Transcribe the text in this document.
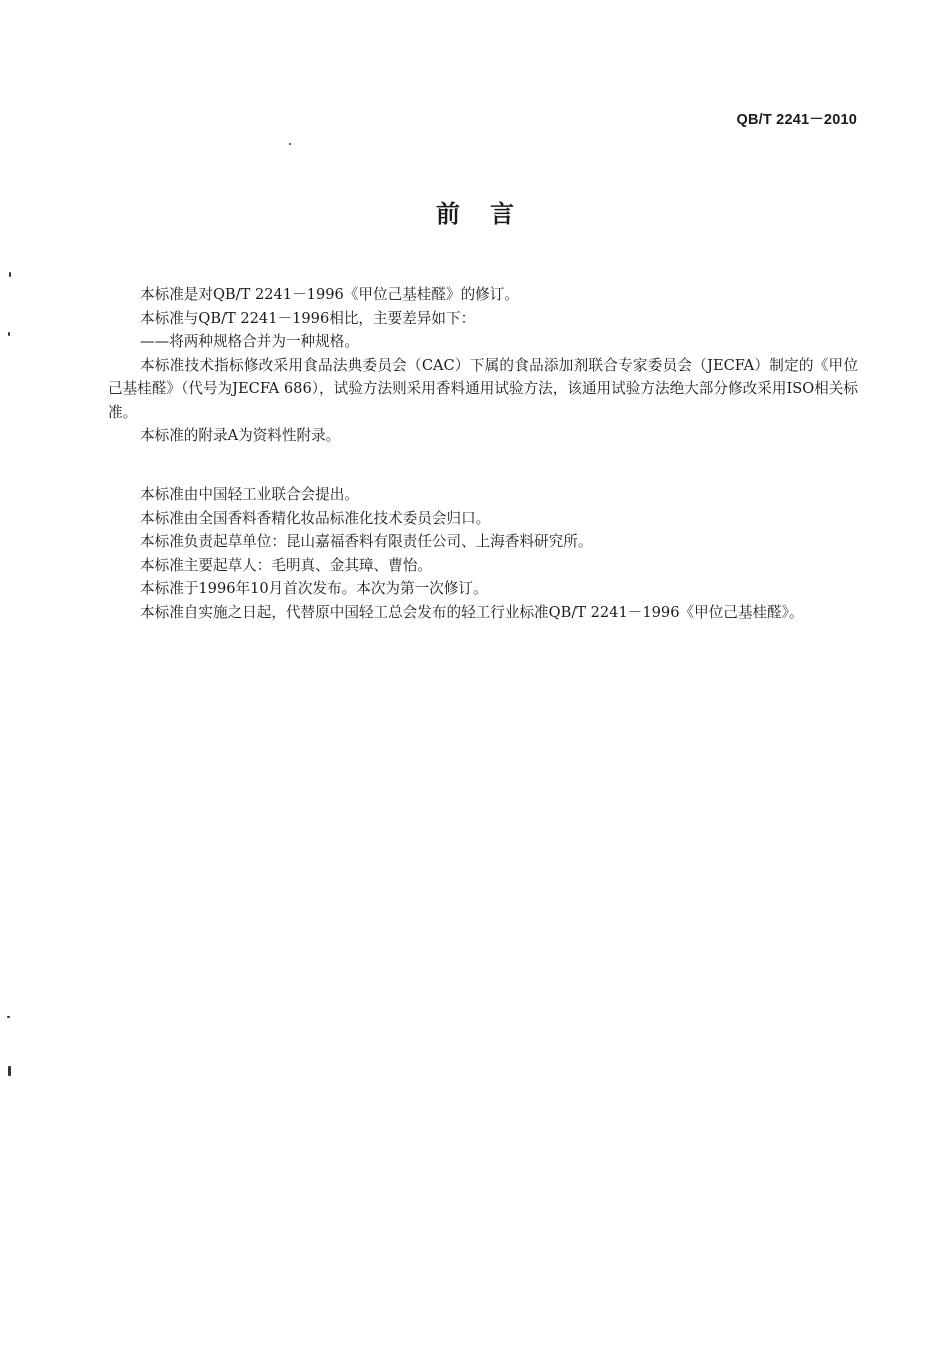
QB/T 2241－2010
前言

本标准是对QB/T 2241－1996《甲位己基桂醛》的修订。

本标准与QB/T 2241－1996相比，主要差异如下：

——将两种规格合并为一种规格。

本标准技术指标修改采用食品法典委员会（CAC）下属的食品添加剂联合专家委员会（JECFA）制定的《甲位己基桂醛》（代号为JECFA 686），试验方法则采用香料通用试验方法，该通用试验方法绝大部分修改采用ISO相关标准。

本标准的附录A为资料性附录。

本标准由中国轻工业联合会提出。

本标准由全国香料香精化妆品标准化技术委员会归口。

本标准负责起草单位：昆山嘉福香料有限责任公司、上海香料研究所。

本标准主要起草人：毛明真、金其璋、曹怡。

本标准于1996年10月首次发布。本次为第一次修订。

本标准自实施之日起，代替原中国轻工总会发布的轻工行业标准QB/T 2241－1996《甲位己基桂醛》。
